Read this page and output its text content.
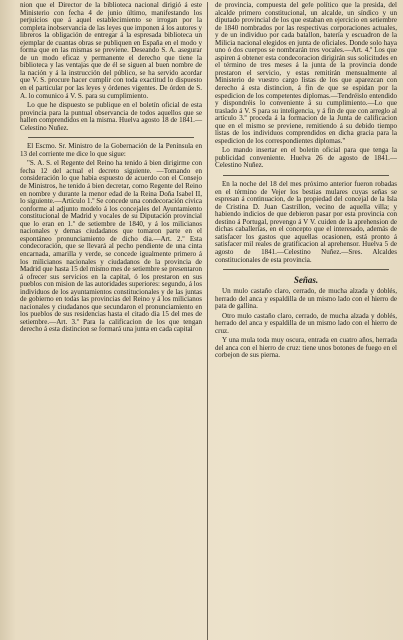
nion que el Director de la biblioteca nacional dirigió á este Ministerio con fecha 4 de junio último, manifestando los perjuicios que á aquel establecimiento se irrogan por la completa inobservancia de las leyes que imponen á los autores y libreros la obligación de entregar á la espresada biblioteca un ejemplar de cuantas obras se publiquen en España en el modo y forma que en las mismas se previene. Deseando S. A. asegurar de un modo eficaz y permanente el derecho que tiene la biblioteca y las ventajas que de él se siguen al buen nombre de la nación y á la instrucción del público, se ha servido acordar que V. S. procure hacer cumplir con toda exactitud lo dispuesto en el particular por las leyes y órdenes vigentes. De órden de S. A. lo comunico á V. S. para su cumplimiento.

Lo que he dispuesto se publique en el boletín oficial de esta provincia para la puntual observancia de todos aquellos que se hallen comprendidos en la misma. Huelva agosto 18 de 1841.—Celestino Nuñez.

El Escmo. Sr. Ministro de la Gobernación de la Península en 13 del corriente me dice lo que sigue:

"S. A. S. el Regente del Reino ha tenido á bien dirigirme con fecha 12 del actual el decreto siguiente. —Tomando en consideración lo que habia espuesto de acuerdo con el Consejo de Ministros, he tenido á bien decretar, como Regente del Reino en nombre y durante la menor edad de la Reina Doña Isabel II, lo siguiente.—Artículo 1.º Se concede una condecoración civica conforme al adjunto modelo á los concejales del Ayuntamiento constitucional de Madrid y vocales de su Diputación provincial que lo eran en 1.º de setiembre de 1840, y á los milicianos nacionales y demas ciudadanos que tomaron parte en el espontáneo pronunciamiento de dicho dia.—Art. 2.º Esta condecoración, que se llevará al pecho pendiente de una cinta encarnada, amarilla y verde, se concede igualmente primero á los milicianos nacionales y ciudadanos de la provincia de Madrid que hasta 15 del mismo mes de setiembre se presentaron á ofrecer sus servicios en la capital, ó los prestaron en sus pueblos con mision de las autoridades superiores: segundo, á los individuos de los ayuntamientos constitucionales y de las juntas de gobierno en todas las provincias del Reino y á los milicianos nacionales y ciudadanos que secundaron el pronunciamiento en los pueblos de sus residencias hasta el citado dia 15 del mes de setiembre.—Art. 3.º Para la calificacion de los que tengan derecho á esta distincion se formará una junta en cada capital

de provincia, compuesta del gefe político que la presida, del alcalde primero constitucional, un alcalde, un síndico y un diputado provincial de los que estaban en ejercicio en setiembre de 1840 nombrados por las respectivas corporaciones actuales, y de un individuo por cada batallon, batería y escuadron de la Milicia nacional elegidos en junta de oficiales. Donde solo haya uno ó dos cuerpos se nombrarán tres vocales.—Art. 4.º Los que aspiren á obtener esta condecoracion dirigirán sus solicitudes en el término de tres meses á la junta de la provincia donde prestaron el servicio, y estas remitirán mensualmente al Ministerio de vuestro cargo listas de los que aparezcan con derecho á esta distincion, á fin de que se espidan por la espedicion de los competentes diplomas.—Tendréislo entendido y dispondréis lo conveniente á su cumplimiento.—Lo que traslado á V. S para su inteligencia, y á fin de que con arreglo al artículo 3.º proceda á la formacion de la Junta de calificacion que en el mismo se previene, remitiendo á su debido tiempo listas de los individuos comprendidos en dicha gracia para la espedicion de los correspondientes diplomas."

Lo mando insertar en el boletin oficial para que tenga la publicidad conveniente. Huelva 26 de agosto de 1841.—Celestino Nuñez.

En la noche del 18 del mes próximo anterior fueron robadas en el término de Vejer los bestias mulares cuyas señas se espresan á continuacion, de la propiedad del concejal de la Isla de Cristina D. Juan Castrillon, vecino de aquella villa; y habiendo indicios de que debieron pasar por esta provincia con destino á Portugal, prevengo á V V. cuiden de la aprehension de dichas caballerías, en el concepto que el interesado, además de satisfacer los gastos que aquellas ocasionen, está pronto á satisfacer mil reales de gratificacion al aprehensor. Huelva 5 de agosto de 1841.—Celestino Nuñez.—Sres. Alcaldes constitucionales de esta provincia.

Señas.

Un mulo castaño claro, cerrado, de mucha alzada y doblés, herrado del anca y espaldilla de un mismo lado con el hierro de pata de gallina.

Otro mulo castaño claro, cerrado, de mucha alzada y doblés, herrado del anca y espaldilla de un mismo lado con el hierro de cruz.

Y una mula toda muy oscura, entrada en cuatro años, herrada del anca con el hierro de cruz: tiene unos botones de fuego en el corbejon de sus pierna.
